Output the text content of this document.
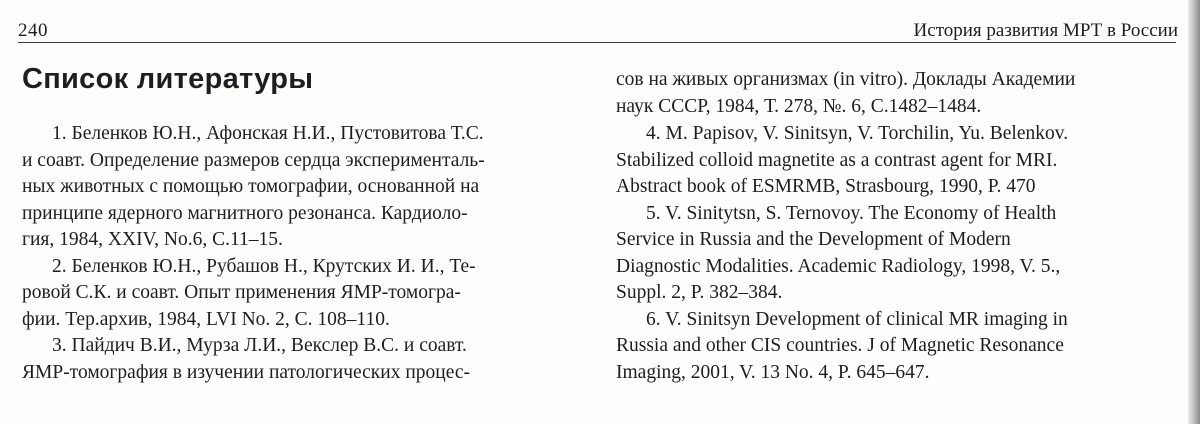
240	История развития МРТ в России
Список литературы

1. Беленков Ю.Н., Афонская Н.И., Пустовитова Т.С.
и соавт. Определение размеров сердца эксперименталь-
ных животных с помощью томографии, основанной на
принципе ядерного магнитного резонанса. Кардиоло-
гия, 1984, XXIV, No.6, C.11–15.

2. Беленков Ю.Н., Рубашов Н., Крутских И. И., Те-
ровой С.К. и соавт. Опыт применения ЯМР-томогра-
фии. Тер.архив, 1984, LVI No. 2, С. 108–110.

3. Пайдич В.И., Мурза Л.И., Векслер B.C. и соавт.
ЯМР-томография в изучении патологических процес-

сов на живых организмах (in vitro). Доклады Академии
наук СССР, 1984, Т. 278, №. 6, С.1482–1484.

4. M. Papisov, V. Sinitsyn, V. Torchilin, Yu. Belenkov.
Stabilized colloid magnetite as a contrast agent for MRI.
Abstract book of ESMRMB, Strasbourg, 1990, P. 470

5. V. Sinitytsn, S. Ternovoy. The Economy of Health
Service in Russia and the Development of Modern
Diagnostic Modalities. Academic Radiology, 1998, V. 5.,
Suppl. 2, P. 382–384.

6. V. Sinitsyn Development of clinical MR imaging in
Russia and other CIS countries. J of Magnetic Resonance
Imaging, 2001, V. 13 No. 4, P. 645–647.
